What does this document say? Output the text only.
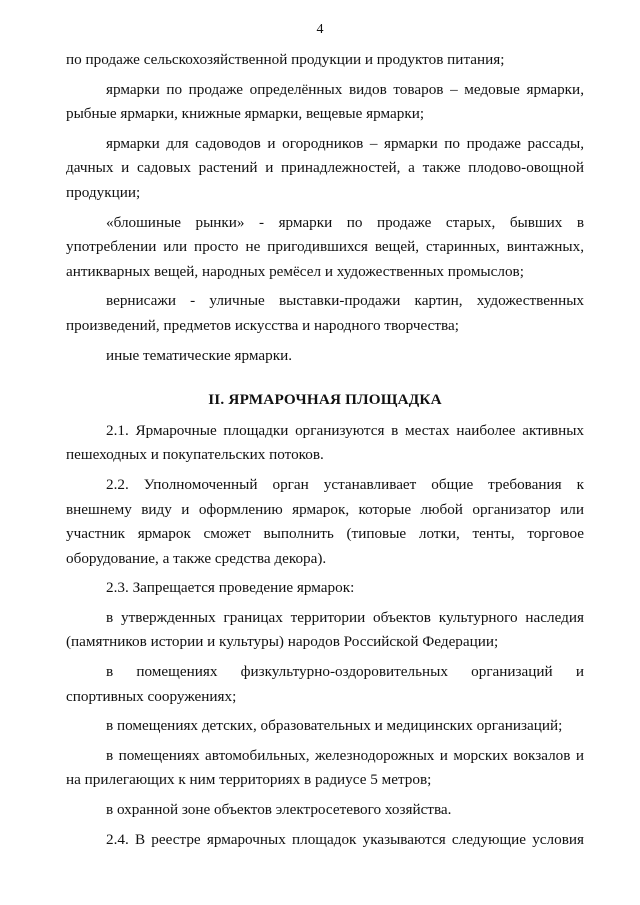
4

по продаже сельскохозяйственной продукции и продуктов питания;

ярмарки по продаже определённых видов товаров – медовые ярмарки, рыбные ярмарки, книжные ярмарки, вещевые ярмарки;

ярмарки для садоводов и огородников – ярмарки по продаже рассады, дачных и садовых растений и принадлежностей, а также плодово-овощной продукции;

«блошиные рынки» - ярмарки по продаже старых, бывших в употреблении или просто не пригодившихся вещей, старинных, винтажных, антикварных вещей, народных ремёсел и художественных промыслов;

вернисажи - уличные выставки-продажи картин, художественных произведений, предметов искусства и народного творчества;

иные тематические ярмарки.

II. ЯРМАРОЧНАЯ ПЛОЩАДКА

2.1. Ярмарочные площадки организуются в местах наиболее активных пешеходных и покупательских потоков.

2.2. Уполномоченный орган устанавливает общие требования к внешнему виду и оформлению ярмарок, которые любой организатор или участник ярмарок сможет выполнить (типовые лотки, тенты, торговое оборудование, а также средства декора).

2.3. Запрещается проведение ярмарок:

в утвержденных границах территории объектов культурного наследия (памятников истории и культуры) народов Российской Федерации;

в помещениях физкультурно-оздоровительных организаций и спортивных сооружениях;

в помещениях детских, образовательных и медицинских организаций;

в помещениях автомобильных, железнодорожных и морских вокзалов и на прилегающих к ним территориях в радиусе 5 метров;

в охранной зоне объектов электросетевого хозяйства.

2.4. В реестре ярмарочных площадок указываются следующие условия
